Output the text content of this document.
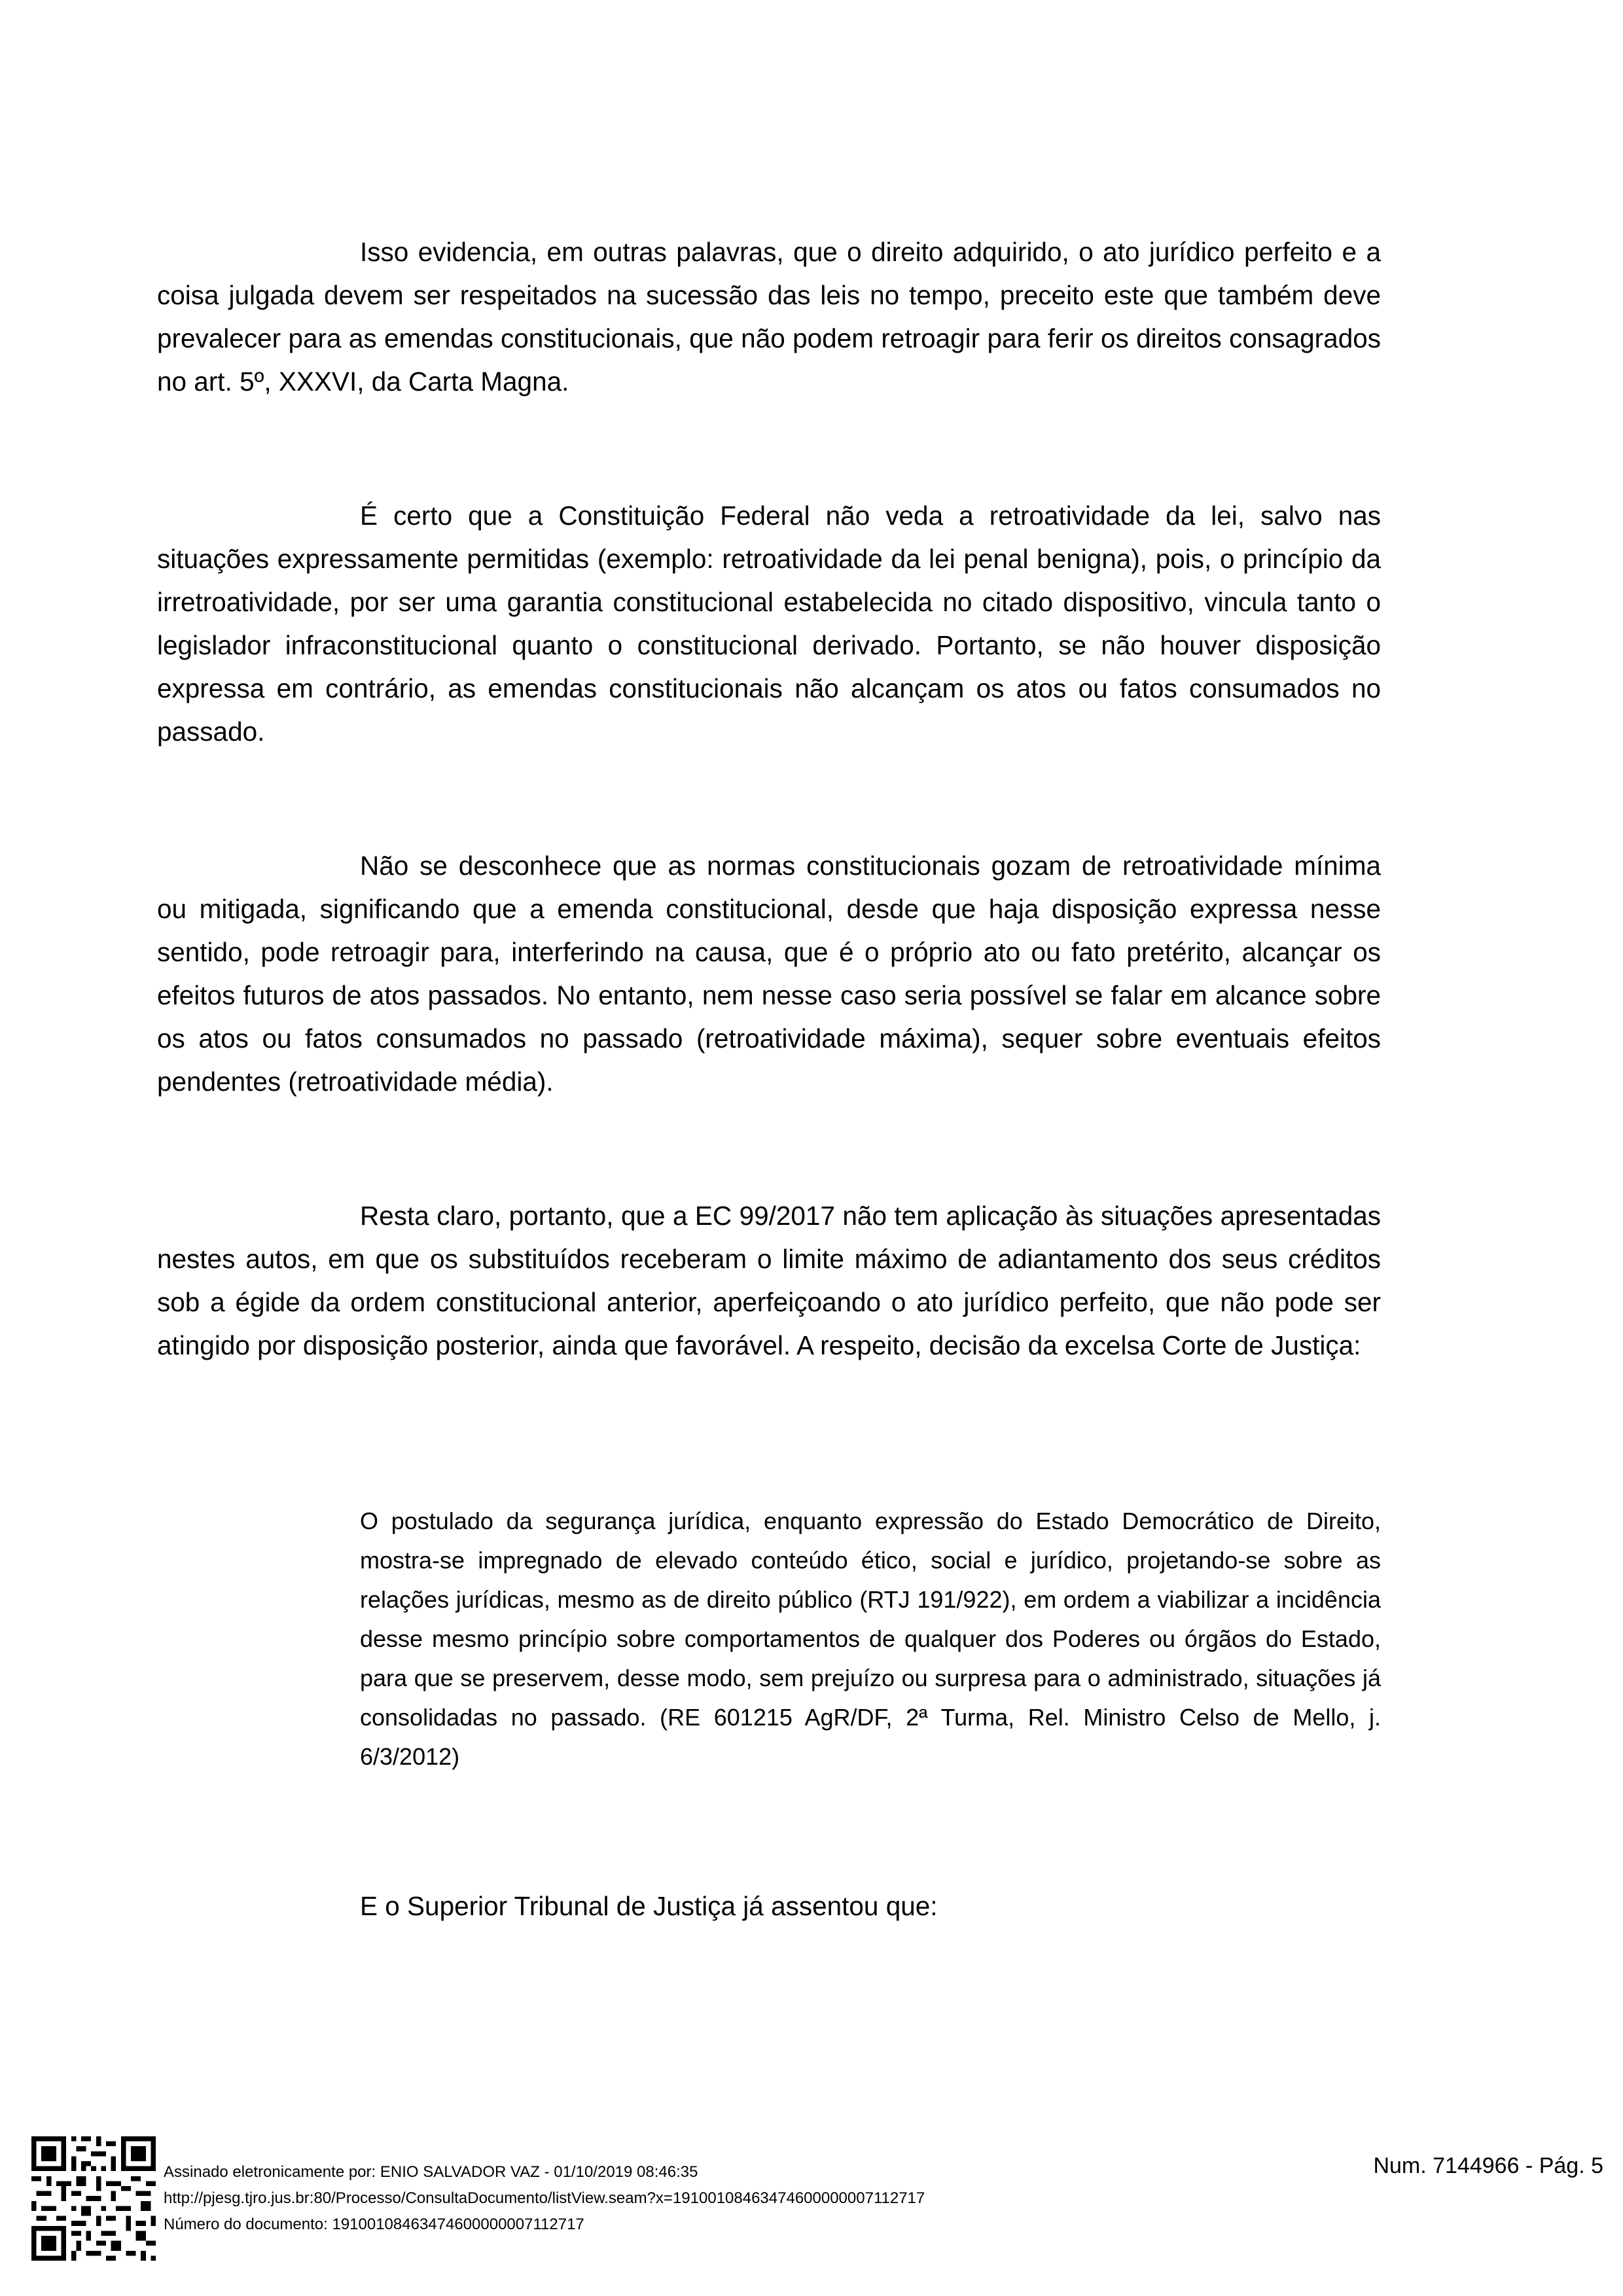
Isso evidencia, em outras palavras, que o direito adquirido, o ato jurídico perfeito e a coisa julgada devem ser respeitados na sucessão das leis no tempo, preceito este que também deve prevalecer para as emendas constitucionais, que não podem retroagir para ferir os direitos consagrados no art. 5º, XXXVI, da Carta Magna.

É certo que a Constituição Federal não veda a retroatividade da lei, salvo nas situações expressamente permitidas (exemplo: retroatividade da lei penal benigna), pois, o princípio da irretroatividade, por ser uma garantia constitucional estabelecida no citado dispositivo, vincula tanto o legislador infraconstitucional quanto o constitucional derivado. Portanto, se não houver disposição expressa em contrário, as emendas constitucionais não alcançam os atos ou fatos consumados no passado.

Não se desconhece que as normas constitucionais gozam de retroatividade mínima ou mitigada, significando que a emenda constitucional, desde que haja disposição expressa nesse sentido, pode retroagir para, interferindo na causa, que é o próprio ato ou fato pretérito, alcançar os efeitos futuros de atos passados. No entanto, nem nesse caso seria possível se falar em alcance sobre os atos ou fatos consumados no passado (retroatividade máxima), sequer sobre eventuais efeitos pendentes (retroatividade média).

Resta claro, portanto, que a EC 99/2017 não tem aplicação às situações apresentadas nestes autos, em que os substituídos receberam o limite máximo de adiantamento dos seus créditos sob a égide da ordem constitucional anterior, aperfeiçoando o ato jurídico perfeito, que não pode ser atingido por disposição posterior, ainda que favorável. A respeito, decisão da excelsa Corte de Justiça:

O postulado da segurança jurídica, enquanto expressão do Estado Democrático de Direito, mostra-se impregnado de elevado conteúdo ético, social e jurídico, projetando-se sobre as relações jurídicas, mesmo as de direito público (RTJ 191/922), em ordem a viabilizar a incidência desse mesmo princípio sobre comportamentos de qualquer dos Poderes ou órgãos do Estado, para que se preservem, desse modo, sem prejuízo ou surpresa para o administrado, situações já consolidadas no passado. (RE 601215 AgR/DF, 2ª Turma, Rel. Ministro Celso de Mello, j. 6/3/2012)

E o Superior Tribunal de Justiça já assentou que:

Assinado eletronicamente por: ENIO SALVADOR VAZ - 01/10/2019 08:46:35
http://pjesg.tjro.jus.br:80/Processo/ConsultaDocumento/listView.seam?x=19100108463474600000007112717
Número do documento: 19100108463474600000007112717
Num. 7144966 - Pág. 5
